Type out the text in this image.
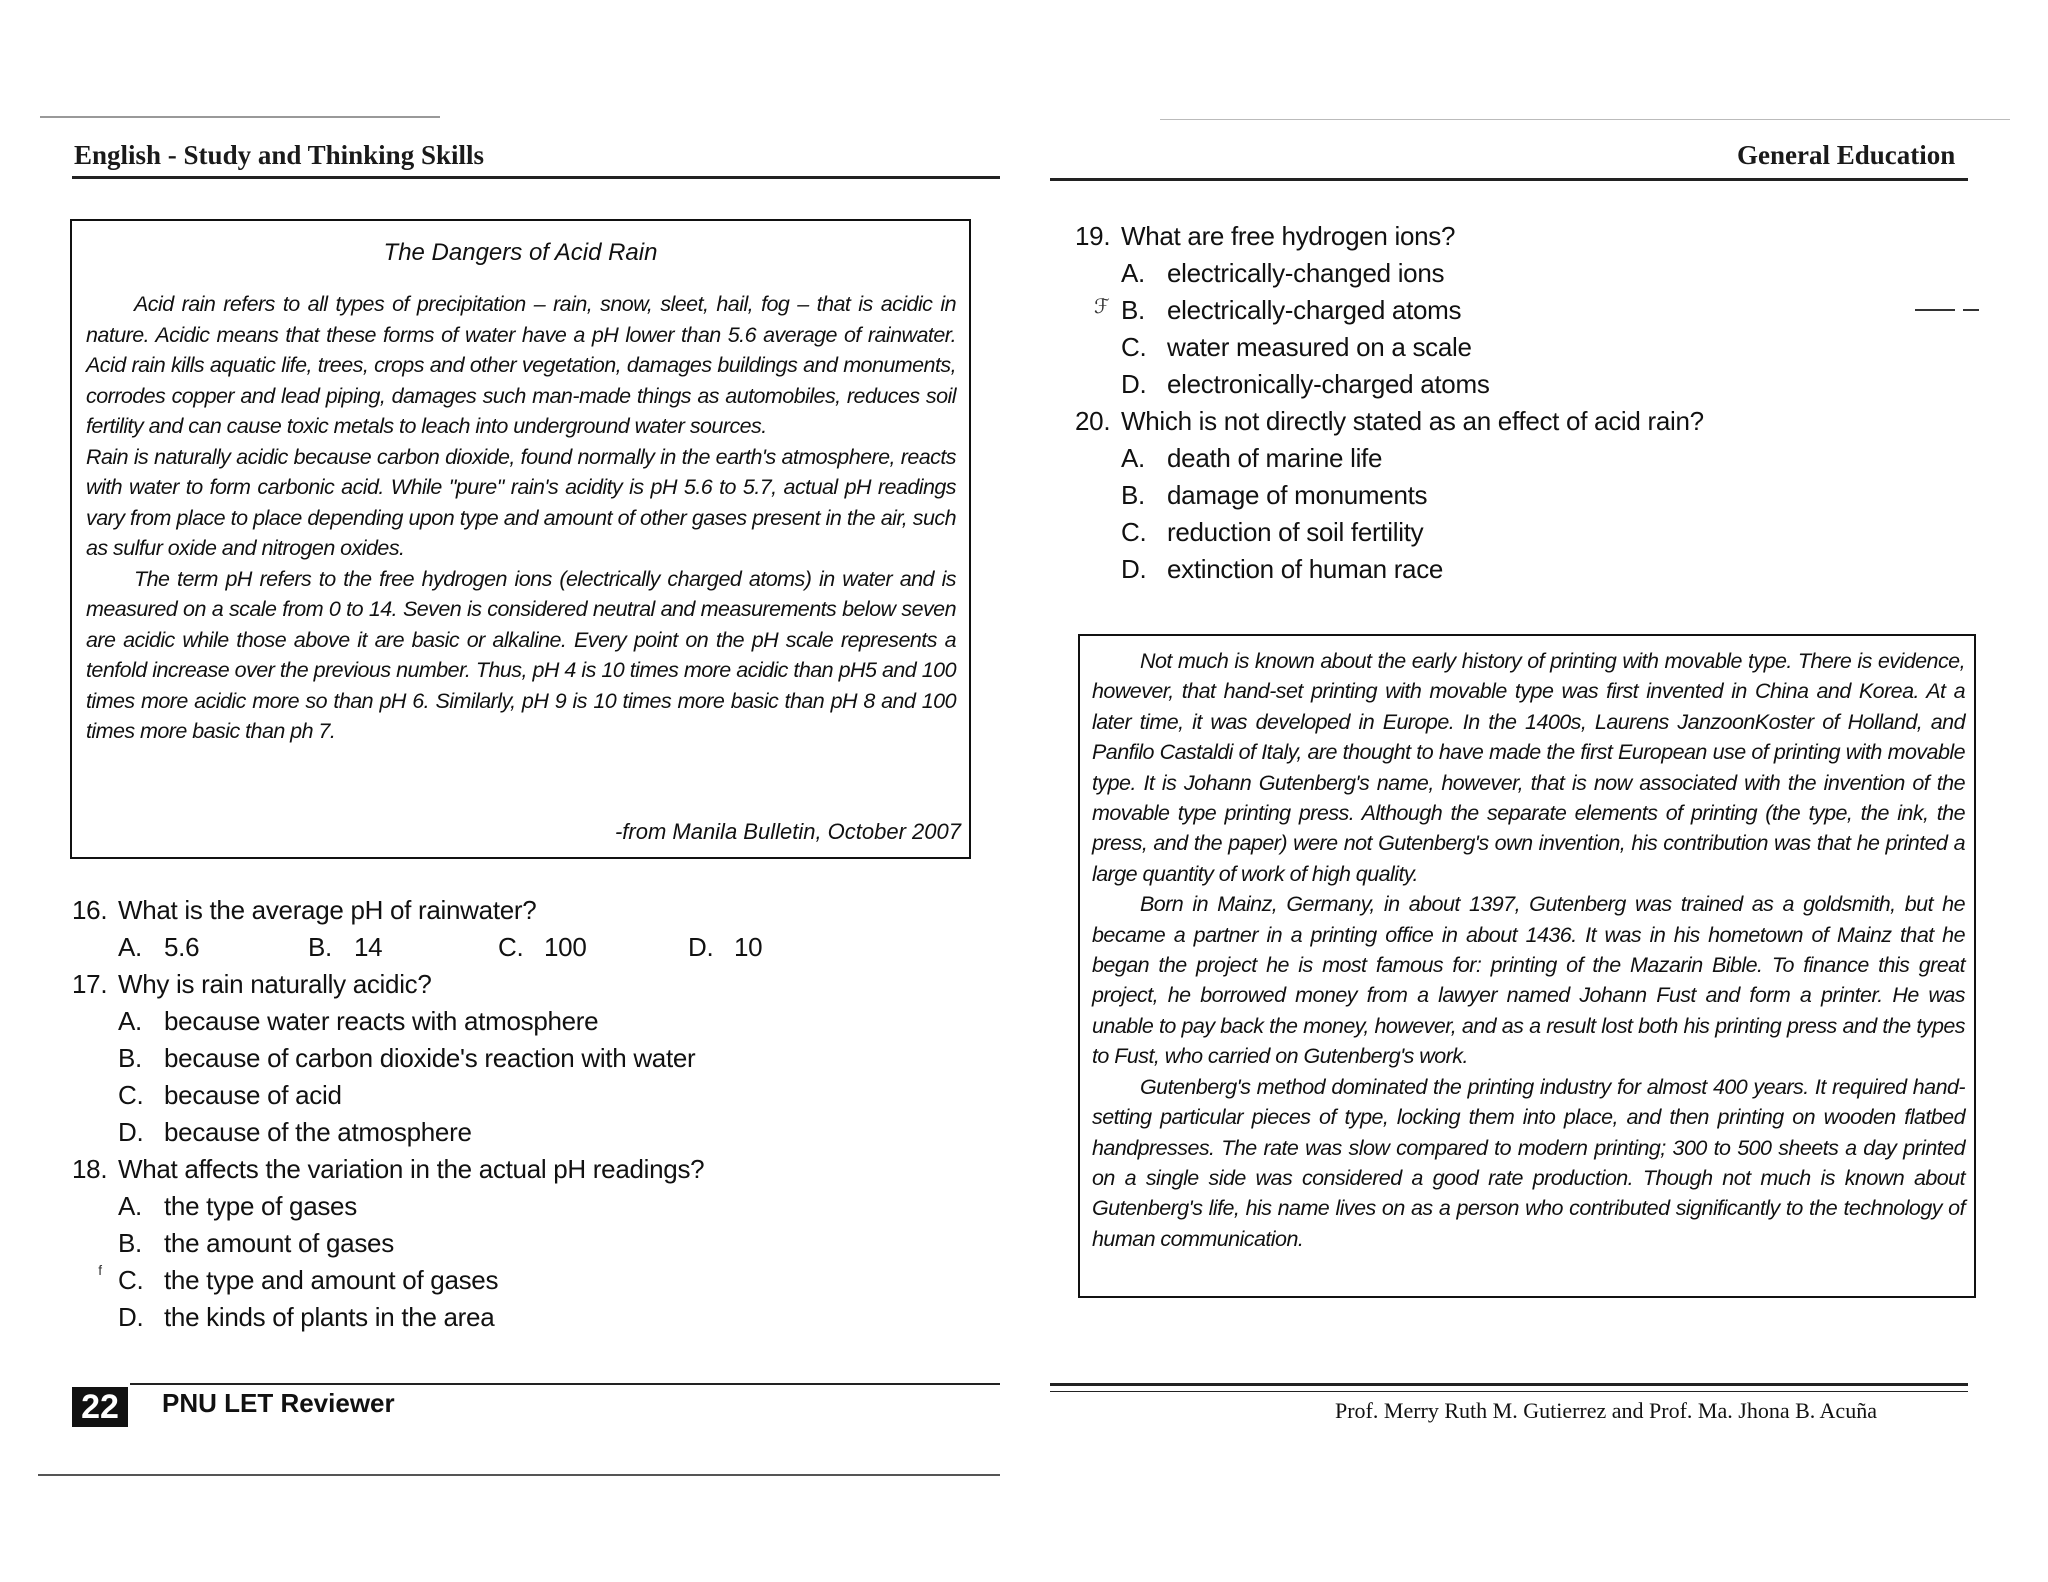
English - Study and Thinking Skills	General Education
The Dangers of Acid Rain

Acid rain refers to all types of precipitation – rain, snow, sleet, hail, fog – that is acidic in nature. Acidic means that these forms of water have a pH lower than 5.6 average of rainwater. Acid rain kills aquatic life, trees, crops and other vegetation, damages buildings and monuments, corrodes copper and lead piping, damages such man-made things as automobiles, reduces soil fertility and can cause toxic metals to leach into underground water sources.

Rain is naturally acidic because carbon dioxide, found normally in the earth's atmosphere, reacts with water to form carbonic acid. While "pure" rain's acidity is pH 5.6 to 5.7, actual pH readings vary from place to place depending upon type and amount of other gases present in the air, such as sulfur oxide and nitrogen oxides.

The term pH refers to the free hydrogen ions (electrically charged atoms) in water and is measured on a scale from 0 to 14. Seven is considered neutral and measurements below seven are acidic while those above it are basic or alkaline. Every point on the pH scale represents a tenfold increase over the previous number. Thus, pH 4 is 10 times more acidic than pH5 and 100 times more acidic more so than pH 6. Similarly, pH 9 is 10 times more basic than pH 8 and 100 times more basic than ph 7.

-from Manila Bulletin, October 2007
16. What is the average pH of rainwater?
A. 5.6	B. 14	C. 100	D. 10
17. Why is rain naturally acidic?
A. because water reacts with atmosphere
B. because of carbon dioxide's reaction with water
C. because of acid
D. because of the atmosphere
18. What affects the variation in the actual pH readings?
A. the type of gases
B. the amount of gases
C. the type and amount of gases
D. the kinds of plants in the area
19. What are free hydrogen ions?
A. electrically-changed ions
B. electrically-charged atoms
C. water measured on a scale
D. electronically-charged atoms
20. Which is not directly stated as an effect of acid rain?
A. death of marine life
B. damage of monuments
C. reduction of soil fertility
D. extinction of human race
ℱ
ᶠ

Not much is known about the early history of printing with movable type. There is evidence, however, that hand-set printing with movable type was first invented in China and Korea. At a later time, it was developed in Europe. In the 1400s, Laurens JanzoonKoster of Holland, and Panfilo Castaldi of Italy, are thought to have made the first European use of printing with movable type. It is Johann Gutenberg's name, however, that is now associated with the invention of the movable type printing press. Although the separate elements of printing (the type, the ink, the press, and the paper) were not Gutenberg's own invention, his contribution was that he printed a large quantity of work of high quality.

Born in Mainz, Germany, in about 1397, Gutenberg was trained as a goldsmith, but he became a partner in a printing office in about 1436. It was in his hometown of Mainz that he began the project he is most famous for: printing of the Mazarin Bible. To finance this great project, he borrowed money from a lawyer named Johann Fust and form a printer. He was unable to pay back the money, however, and as a result lost both his printing press and the types to Fust, who carried on Gutenberg's work.

Gutenberg's method dominated the printing industry for almost 400 years. It required hand-setting particular pieces of type, locking them into place, and then printing on wooden flatbed handpresses. The rate was slow compared to modern printing; 300 to 500 sheets a day printed on a single side was considered a good rate production. Though not much is known about Gutenberg's life, his name lives on as a person who contributed significantly to the technology of human communication.

22	PNU LET Reviewer	Prof. Merry Ruth M. Gutierrez and Prof. Ma. Jhona B. Acuña
